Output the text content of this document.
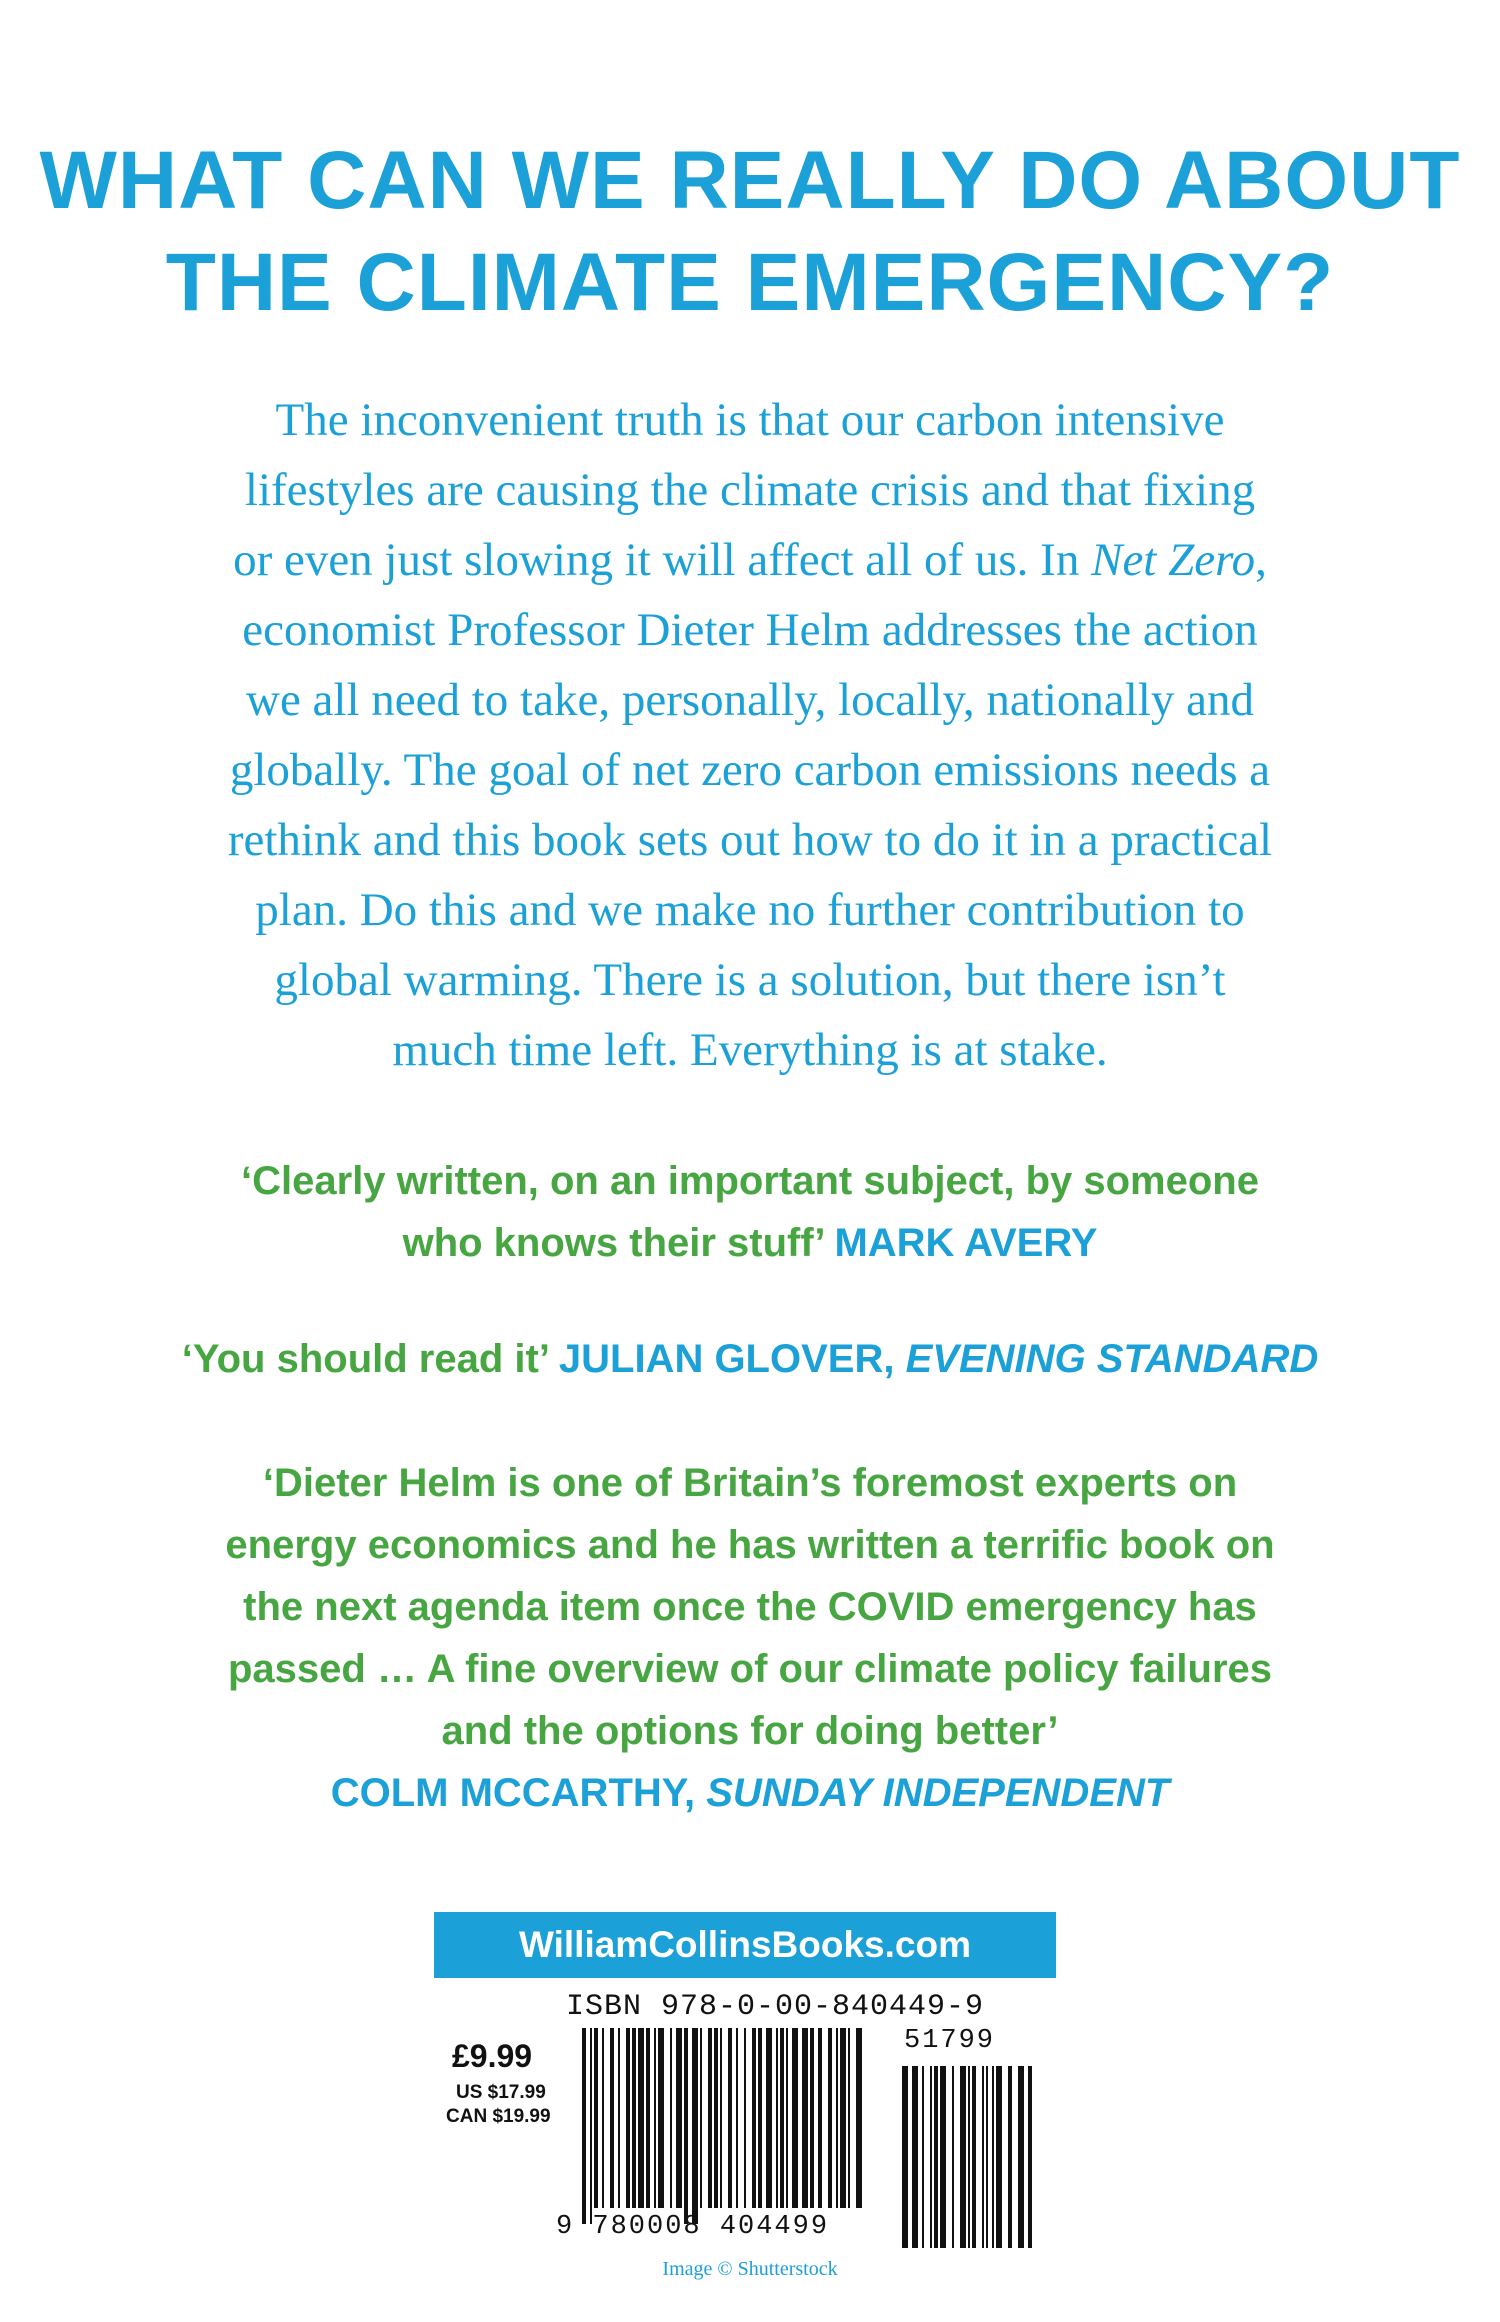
WHAT CAN WE REALLY DO ABOUT
THE CLIMATE EMERGENCY?
The inconvenient truth is that our carbon intensive
lifestyles are causing the climate crisis and that fixing
or even just slowing it will affect all of us. In Net Zero,
economist Professor Dieter Helm addresses the action
we all need to take, personally, locally, nationally and
globally. The goal of net zero carbon emissions needs a
rethink and this book sets out how to do it in a practical
plan. Do this and we make no further contribution to
global warming. There is a solution, but there isn’t
much time left. Everything is at stake.
‘Clearly written, on an important subject, by someone
who knows their stuff’ MARK AVERY
‘You should read it’ JULIAN GLOVER, EVENING STANDARD
‘Dieter Helm is one of Britain’s foremost experts on
energy economics and he has written a terrific book on
the next agenda item once the COVID emergency has
passed … A fine overview of our climate policy failures
and the options for doing better’
COLM MCCARTHY, SUNDAY INDEPENDENT
WilliamCollinsBooks.com
ISBN 978-0-00-840449-9
£9.99
US $17.99
CAN $19.99
9 780008 404499
51799
Image © Shutterstock
